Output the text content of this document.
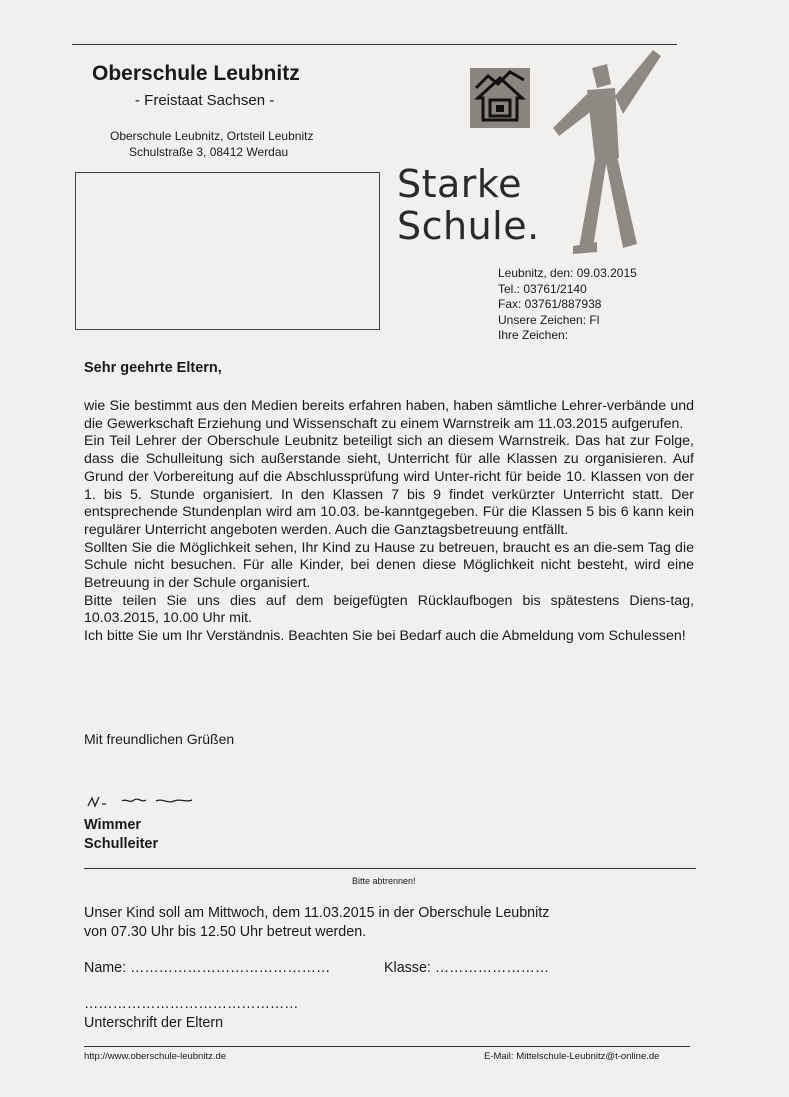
Oberschule Leubnitz
- Freistaat Sachsen -
Oberschule Leubnitz, Ortsteil Leubnitz
Schulstraße 3, 08412 Werdau
Starke
Schule.
Leubnitz, den: 09.03.2015
Tel.: 03761/2140
Fax: 03761/887938
Unsere Zeichen: Fl
Ihre Zeichen:
Sehr geehrte Eltern,

wie Sie bestimmt aus den Medien bereits erfahren haben, haben sämtliche Lehrer-verbände und die Gewerkschaft Erziehung und Wissenschaft zu einem Warnstreik am 11.03.2015 aufgerufen.

Ein Teil Lehrer der Oberschule Leubnitz beteiligt sich an diesem Warnstreik. Das hat zur Folge, dass die Schulleitung sich außerstande sieht, Unterricht für alle Klassen zu organisieren. Auf Grund der Vorbereitung auf die Abschlussprüfung wird Unter-richt für beide 10. Klassen von der 1. bis 5. Stunde organisiert. In den Klassen 7 bis 9 findet verkürzter Unterricht statt. Der entsprechende Stundenplan wird am 10.03. be-kanntgegeben. Für die Klassen 5 bis 6 kann kein regulärer Unterricht angeboten werden. Auch die Ganztagsbetreuung entfällt.

Sollten Sie die Möglichkeit sehen, Ihr Kind zu Hause zu betreuen, braucht es an die-sem Tag die Schule nicht besuchen. Für alle Kinder, bei denen diese Möglichkeit nicht besteht, wird eine Betreuung in der Schule organisiert.

Bitte teilen Sie uns dies auf dem beigefügten Rücklaufbogen bis spätestens Diens-tag, 10.03.2015, 10.00 Uhr mit.

Ich bitte Sie um Ihr Verständnis. Beachten Sie bei Bedarf auch die Abmeldung vom Schulessen!

Mit freundlichen Grüßen
Wimmer
Schulleiter
Bitte abtrennen!
Unser Kind soll am Mittwoch, dem 11.03.2015 in der Oberschule Leubnitz
von 07.30 Uhr bis 12.50 Uhr betreut werden.
Name: ……………………………………	Klasse: ……………………
………………………………………
Unterschrift der Eltern
http://www.oberschule-leubnitz.de	E-Mail: Mittelschule-Leubnitz@t-online.de
